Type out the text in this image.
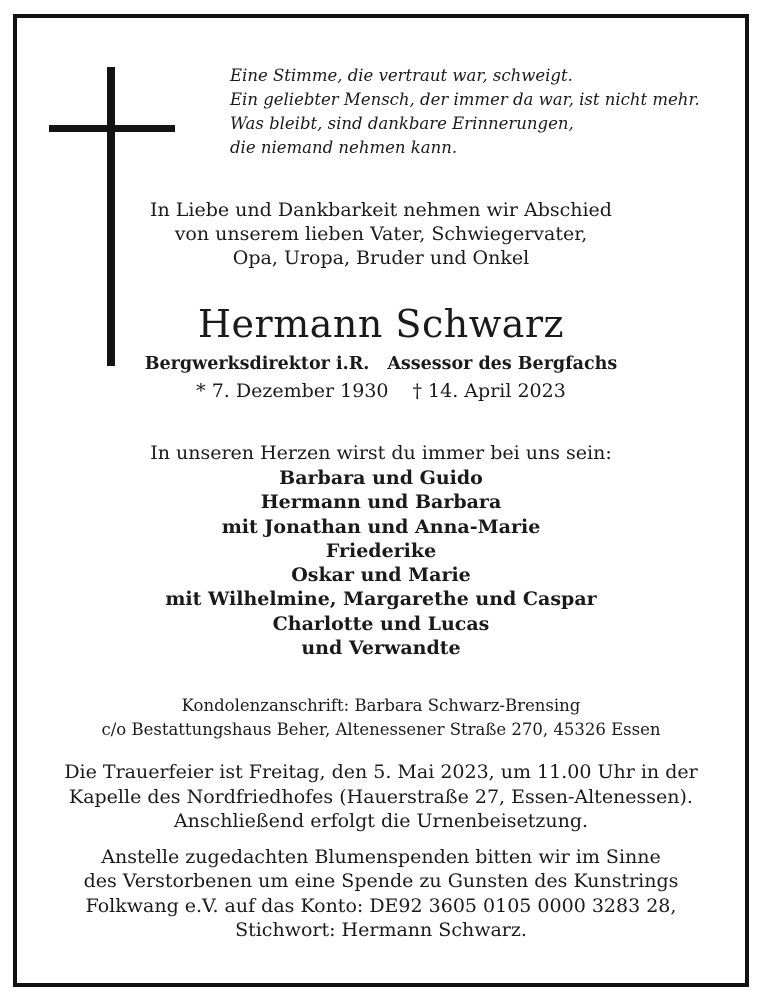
Eine Stimme, die vertraut war, schweigt.
Ein geliebter Mensch, der immer da war, ist nicht mehr.
Was bleibt, sind dankbare Erinnerungen,
die niemand nehmen kann.
In Liebe und Dankbarkeit nehmen wir Abschied
von unserem lieben Vater, Schwiegervater,
Opa, Uropa, Bruder und Onkel
Hermann Schwarz
Bergwerksdirektor i.R. Assessor des Bergfachs
* 7. Dezember 1930 † 14. April 2023
In unseren Herzen wirst du immer bei uns sein:
Barbara und Guido
Hermann und Barbara
mit Jonathan und Anna-Marie
Friederike
Oskar und Marie
mit Wilhelmine, Margarethe und Caspar
Charlotte und Lucas
und Verwandte
Kondolenzanschrift: Barbara Schwarz-Brensing
c/o Bestattungshaus Beher, Altenessener Straße 270, 45326 Essen
Die Trauerfeier ist Freitag, den 5. Mai 2023, um 11.00 Uhr in der
Kapelle des Nordfriedhofes (Hauerstraße 27, Essen-Altenessen).
Anschließend erfolgt die Urnenbeisetzung.
Anstelle zugedachten Blumenspenden bitten wir im Sinne
des Verstorbenen um eine Spende zu Gunsten des Kunstrings
Folkwang e.V. auf das Konto: DE92 3605 0105 0000 3283 28,
Stichwort: Hermann Schwarz.
